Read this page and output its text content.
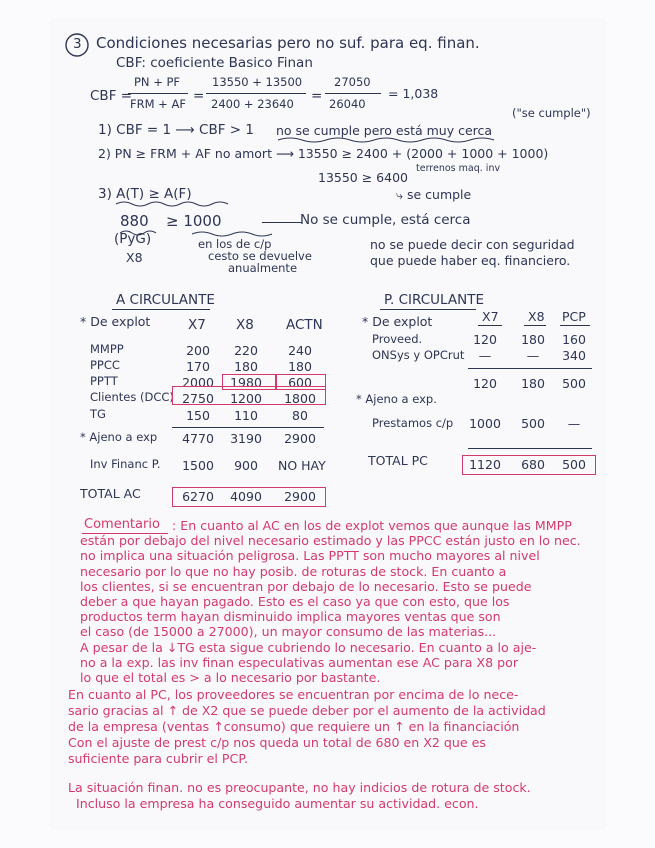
3 Condiciones necesarias pero no suf. para eq. finan.
CBF: coeficiente Basico Finan
CBF =
PN + PF
FRM + AF =
13550 + 13500
2400 + 23640 =
27050
26040
= 1,038
1) CBF = 1 ⟶ CBF > 1 no se cumple pero está muy cerca
("se cumple")
2) PN ≥ FRM + AF no amort ⟶ 13550 ≥ 2400 + (2000 + 1000 + 1000)
terrenos maq. inv
3) A(T) ≥ A(F)
13550 ≥ 6400
⤷ se cumple
880 ≥ 1000	No se cumple, está cerca
(PyG)
X8
en los de c/p
cesto se devuelve
anualmente
no se puede decir con seguridad
que puede haber eq. financiero.
A CIRCULANTE
* De explot	X7 X8 ACTN
MMPP	200	220	240
PPCC	170	180	180
PPTT	2000	1980	600
Clientes (DCC) 2750	1200	1800
TG	150	110	80
* Ajeno a exp	4770	3190	2900
Inv Financ P.	1500	900	NO HAY
TOTAL AC	6270	4090	2900
P. CIRCULANTE
* De explot	X7 X8 PCP
Proveed.	120	180	160
ONSys y OPCrut	—	—	340
120	180	500
* Ajeno a exp.
Prestamos c/p 1000	500	—
TOTAL PC	1120	680	500
Comentario : En cuanto al AC en los de explot vemos que aunque las MMPP
están por debajo del nivel necesario estimado y las PPCC están justo en lo nec.
no implica una situación peligrosa. Las PPTT son mucho mayores al nivel
necesario por lo que no hay posib. de roturas de stock. En cuanto a
los clientes, si se encuentran por debajo de lo necesario. Esto se puede
deber a que hayan pagado. Esto es el caso ya que con esto, que los
productos term hayan disminuido implica mayores ventas que son
el caso (de 15000 a 27000), un mayor consumo de las materias...
A pesar de la ↓TG esta sigue cubriendo lo necesario. En cuanto a lo aje-
no a la exp. las inv finan especulativas aumentan ese AC para X8 por
lo que el total es > a lo necesario por bastante.
En cuanto al PC, los proveedores se encuentran por encima de lo nece-
sario gracias al ↑ de X2 que se puede deber por el aumento de la actividad
de la empresa (ventas ↑consumo) que requiere un ↑ en la financiación
Con el ajuste de prest c/p nos queda un total de 680 en X2 que es
suficiente para cubrir el PCP.
La situación finan. no es preocupante, no hay indicios de rotura de stock.
Incluso la empresa ha conseguido aumentar su actividad. econ.
